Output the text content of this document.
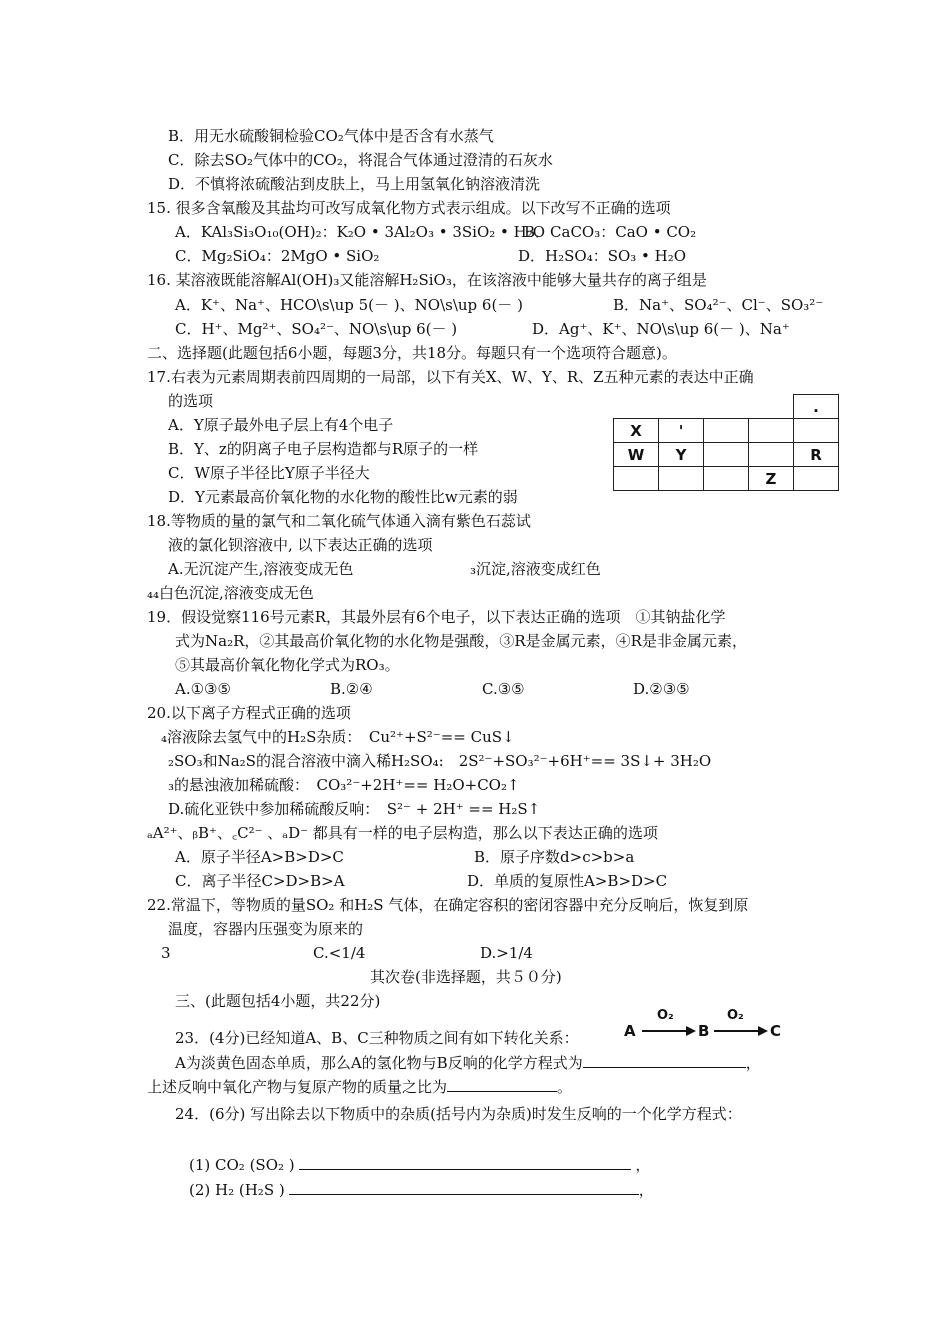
B．用无水硫酸铜检验CO₂气体中是否含有水蒸气
C．除去SO₂气体中的CO₂，将混合气体通过澄清的石灰水
D．不慎将浓硫酸沾到皮肤上，马上用氢氧化钠溶液清洗
15. 很多含氧酸及其盐均可改写成氧化物方式表示组成。以下改写不正确的选项
A．KAl₃Si₃O₁₀(OH)₂：K₂O • 3Al₂O₃ • 3SiO₂ • H₂O
B．CaCO₃：CaO • CO₂
C．Mg₂SiO₄：2MgO • SiO₂	D．H₂SO₄：SO₃ • H₂O
16. 某溶液既能溶解Al(OH)₃又能溶解H₂SiO₃，在该溶液中能够大量共存的离子组是
A．K⁺、Na⁺、HCO\s\up 5(－ )、NO\s\up 6(－ )	B．Na⁺、SO₄²⁻、Cl⁻、SO₃²⁻
C．H⁺、Mg²⁺、SO₄²⁻、NO\s\up 6(－ )	D．Ag⁺、K⁺、NO\s\up 6(－ )、Na⁺
二、选择题(此题包括6小题，每题3分，共18分。每题只有一个选项符合题意)。
17.右表为元素周期表前四周期的一局部，以下有关X、W、Y、R、Z五种元素的表达中正确
的选项
A．Y原子最外电子层上有4个电子
B．Y、z的阴离子电子层构造都与R原子的一样
C．W原子半径比Y原子半径大
D．Y元素最高价氧化物的水化物的酸性比w元素的弱
18.等物质的量的氯气和二氧化硫气体通入滴有紫色石蕊试
液的氯化钡溶液中, 以下表达正确的选项
A.无沉淀产生,溶液变成无色	₃沉淀,溶液变成红色
₄₄白色沉淀,溶液变成无色
19．假设觉察116号元素R，其最外层有6个电子，以下表达正确的选项　①其钠盐化学
式为Na₂R，②其最高价氧化物的水化物是强酸，③R是金属元素，④R是非金属元素，
⑤其最高价氧化物化学式为RO₃。
A.①③⑤	B.②④	C.③⑤	D.②③⑤
20.以下离子方程式正确的选项
₄溶液除去氢气中的H₂S杂质：　Cu²⁺+S²⁻== CuS↓
₂SO₃和Na₂S的混合溶液中滴入稀H₂SO₄:　2S²⁻+SO₃²⁻+6H⁺== 3S↓+ 3H₂O
₃的悬浊液加稀硫酸：　CO₃²⁻+2H⁺== H₂O+CO₂↑
D.硫化亚铁中参加稀硫酸反响：　S²⁻ + 2H⁺ == H₂S↑
ₐA²⁺、ᵦB⁺、꜀C²⁻ 、ₐD⁻ 都具有一样的电子层构造，那么以下表达正确的选项
A．原子半径A>B>D>C	B．原子序数d>c>b>a
C．离子半径C>D>B>A	D．单质的复原性A>B>D>C
22.常温下，等物质的量SO₂ 和H₂S 气体，在确定容积的密闭容器中充分反响后，恢复到原
温度，容器内压强变为原来的
3	C.<1/4	D.>1/4
其次卷(非选择题，共５０分)
三、(此题包括4小题，共22分)
23．(4分)已经知道A、B、C三种物质之间有如下转化关系：
24．(6分) 写出除去以下物质中的杂质(括号内为杂质)时发生反响的一个化学方程式：
A为淡黄色固态单质，那么A的氢化物与B反响的化学方程式为	，
上述反响中氧化产物与复原产物的质量之比为	。
(1) CO₂ (SO₂ )	，
(2) H₂ (H₂S )	，
				.
X	'			
W	Y			R
			Z	
A
O₂
B
O₂
C
